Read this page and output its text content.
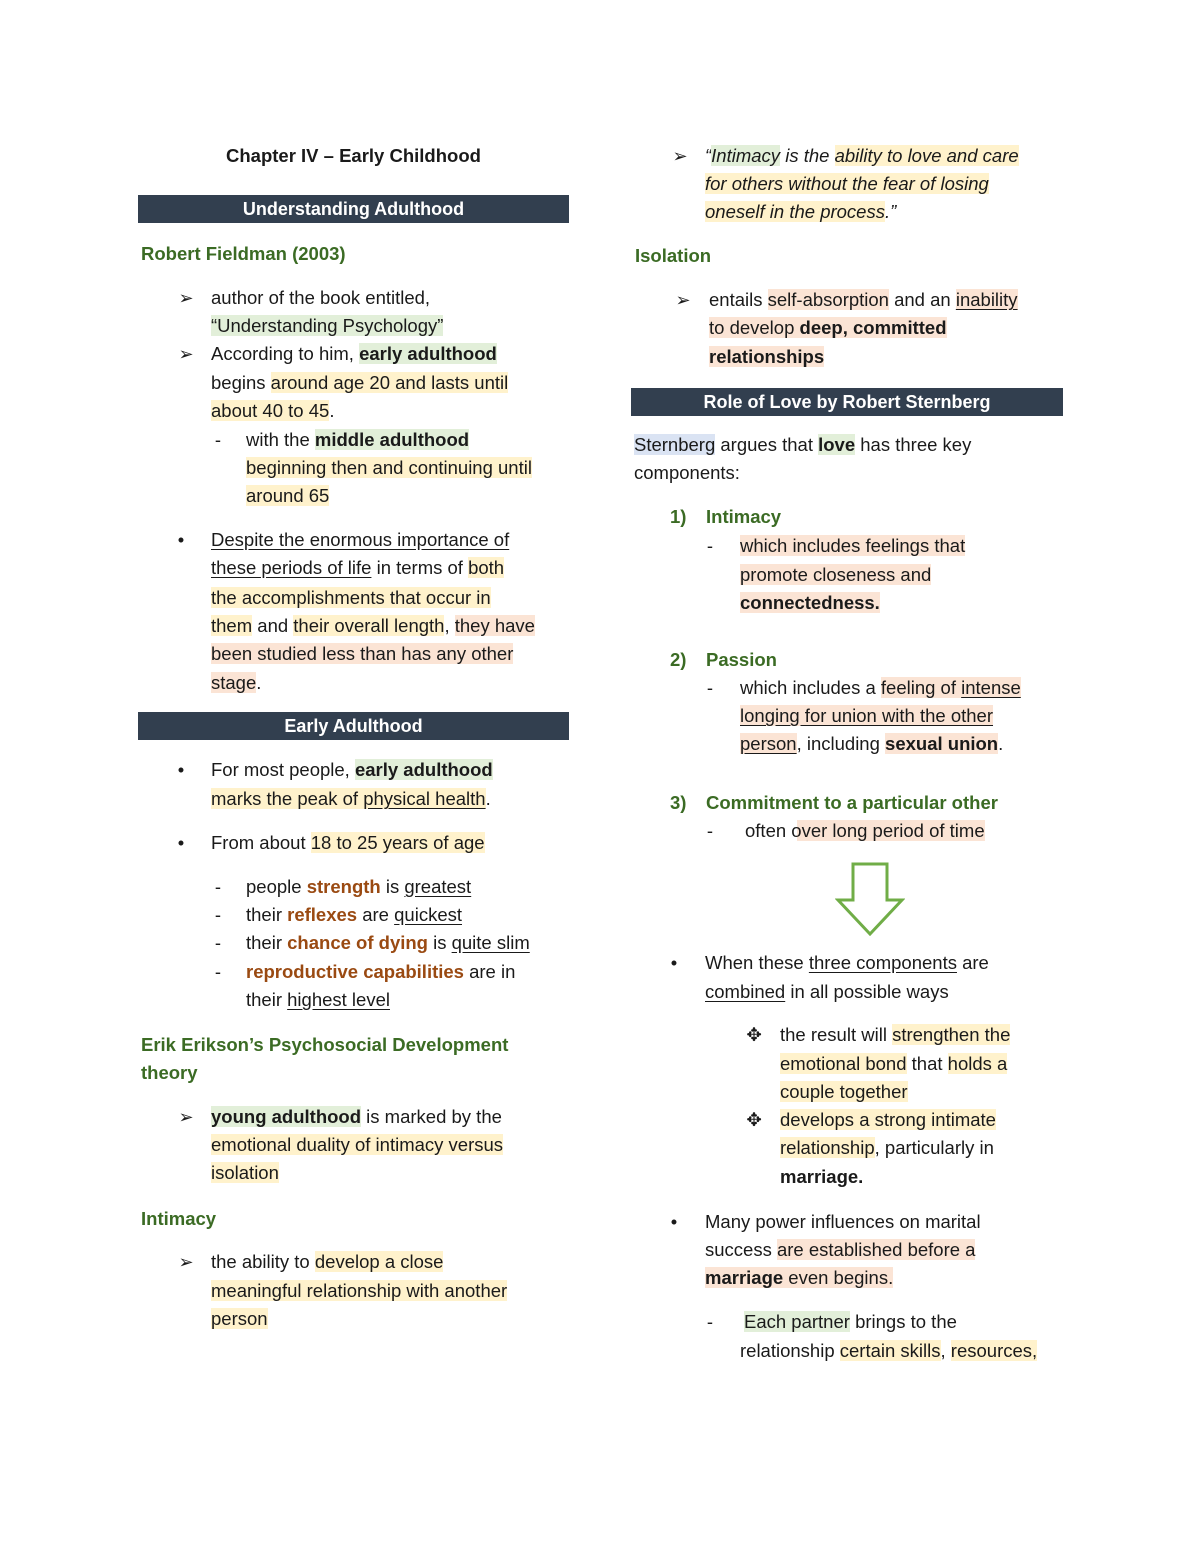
Chapter IV – Early Childhood
Understanding Adulthood
Robert Fieldman (2003)
➢ author of the book entitled,
“Understanding Psychology”
➢ According to him, early adulthood
begins around age 20 and lasts until
about 40 to 45.
-	with the middle adulthood
beginning then and continuing until
around 65
•	Despite the enormous importance of
these periods of life in terms of both
the accomplishments that occur in
them and their overall length, they have
been studied less than has any other
stage.
Early Adulthood
•	For most people, early adulthood
marks the peak of physical health.
•	From about 18 to 25 years of age
-	people strength is greatest
-	their reflexes are quickest
-	their chance of dying is quite slim
-	reproductive capabilities are in
their highest level
Erik Erikson’s Psychosocial Development
theory
➢ young adulthood is marked by the
emotional duality of intimacy versus
isolation
Intimacy
➢ the ability to develop a close
meaningful relationship with another
person
➢ “Intimacy is the ability to love and care
for others without the fear of losing
oneself in the process.”
Isolation
➢ entails self-absorption and an inability
to develop deep, committed
relationships
Role of Love by Robert Sternberg
Sternberg argues that love has three key
components:
1) Intimacy
-	which includes feelings that
promote closeness and
connectedness.
2) Passion
-	which includes a feeling of intense
longing for union with the other
person, including sexual union.
3) Commitment to a particular other
-	often over long period of time
•	When these three components are
combined in all possible ways
✥ the result will strengthen the
emotional bond that holds a
couple together
✥ develops a strong intimate
relationship, particularly in
marriage.
•	Many power influences on marital
success are established before a
marriage even begins.
-	Each partner brings to the
relationship certain skills, resources,
